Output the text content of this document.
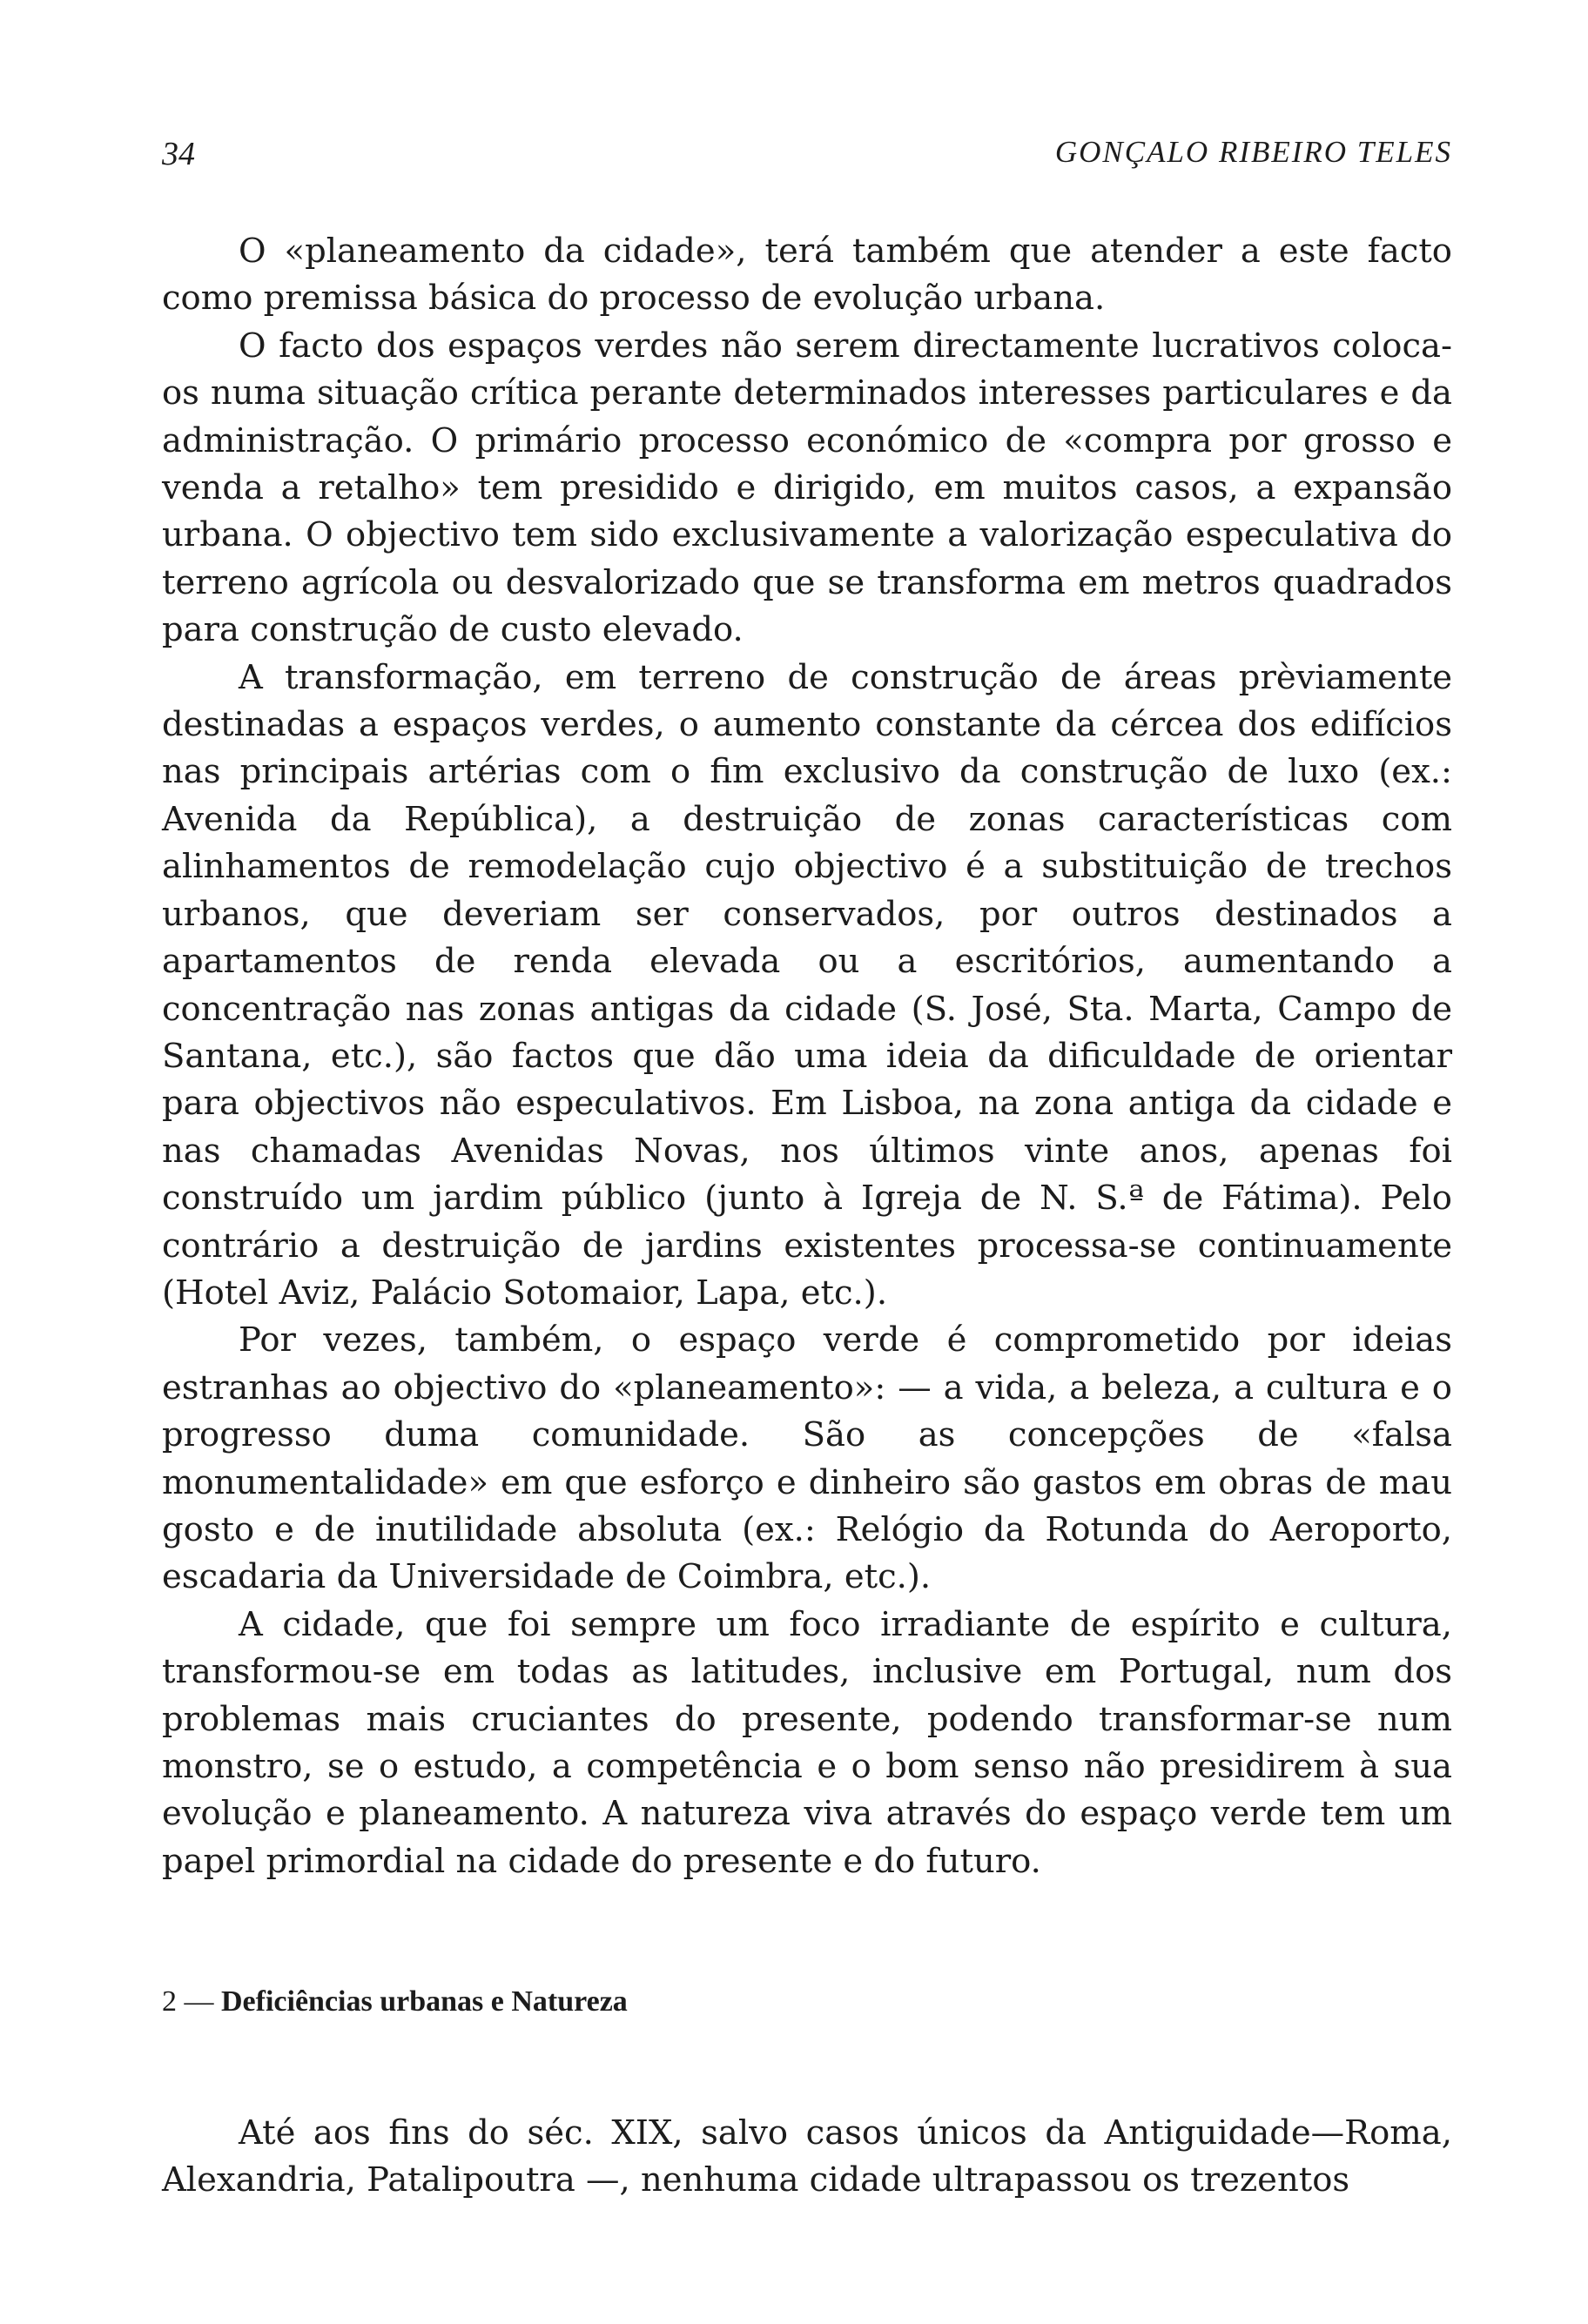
34	GONÇALO RIBEIRO TELES

O «planeamento da cidade», terá também que atender a este facto como premissa básica do processo de evolução urbana.

O facto dos espaços verdes não serem directamente lucrativos coloca-os numa situação crítica perante determinados interesses particulares e da administração. O primário processo económico de «compra por grosso e venda a retalho» tem presidido e dirigido, em muitos casos, a expansão urbana. O objectivo tem sido exclusivamente a valorização especulativa do terreno agrícola ou desvalorizado que se transforma em metros quadrados para construção de custo elevado.

A transformação, em terreno de construção de áreas prèviamente destinadas a espaços verdes, o aumento constante da cércea dos edifícios nas principais artérias com o fim exclusivo da construção de luxo (ex.: Avenida da República), a destruição de zonas características com alinhamentos de remodelação cujo objectivo é a substituição de trechos urbanos, que deveriam ser conservados, por outros destinados a apartamentos de renda elevada ou a escritórios, aumentando a concentração nas zonas antigas da cidade (S. José, Sta. Marta, Campo de Santana, etc.), são factos que dão uma ideia da dificuldade de orientar para objectivos não especulativos. Em Lisboa, na zona antiga da cidade e nas chamadas Avenidas Novas, nos últimos vinte anos, apenas foi construído um jardim público (junto à Igreja de N. S.ª de Fátima). Pelo contrário a destruição de jardins existentes processa-se continuamente (Hotel Aviz, Palácio Sotomaior, Lapa, etc.).

Por vezes, também, o espaço verde é comprometido por ideias estranhas ao objectivo do «planeamento»: — a vida, a beleza, a cultura e o progresso duma comunidade. São as concepções de «falsa monumentalidade» em que esforço e dinheiro são gastos em obras de mau gosto e de inutilidade absoluta (ex.: Relógio da Rotunda do Aeroporto, escadaria da Universidade de Coimbra, etc.).

A cidade, que foi sempre um foco irradiante de espírito e cultura, transformou-se em todas as latitudes, inclusive em Portugal, num dos problemas mais cruciantes do presente, podendo transformar-se num monstro, se o estudo, a competência e o bom senso não presidirem à sua evolução e planeamento. A natureza viva através do espaço verde tem um papel primordial na cidade do presente e do futuro.

2 — Deficiências urbanas e Natureza

Até aos fins do séc. XIX, salvo casos únicos da Antiguidade—Roma, Alexandria, Patalipoutra —, nenhuma cidade ultrapassou os trezentos
